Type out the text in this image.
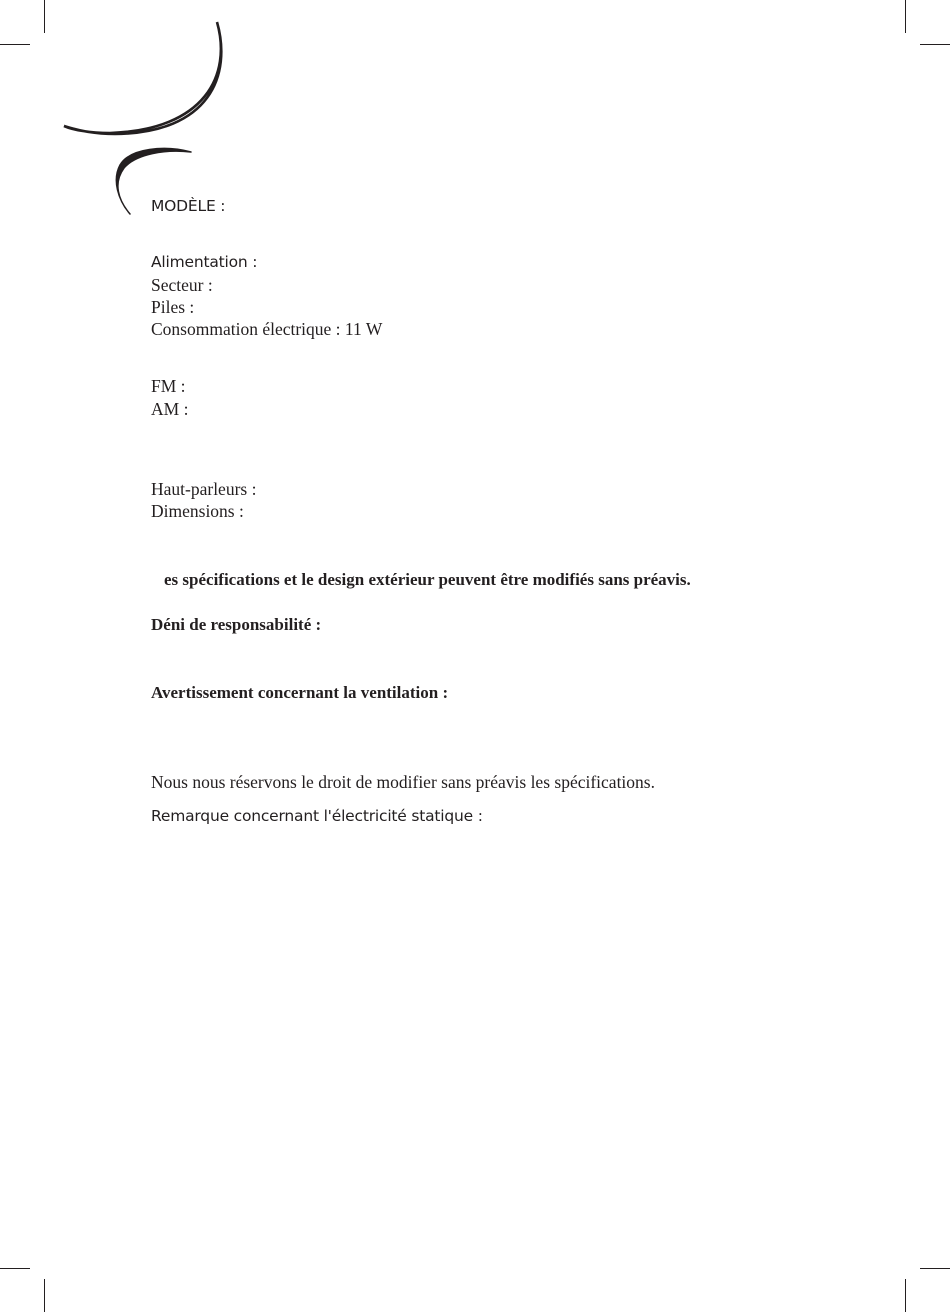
MODÈLE :
Alimentation :
Secteur :
Piles :
Consommation électrique : 11 W
FM :
AM :
Haut-parleurs :
Dimensions :
es spécifications et le design extérieur peuvent être modifiés sans préavis.
Déni de responsabilité :
Avertissement concernant la ventilation :
Nous nous réservons le droit de modifier sans préavis les spécifications.
Remarque concernant l'électricité statique :
